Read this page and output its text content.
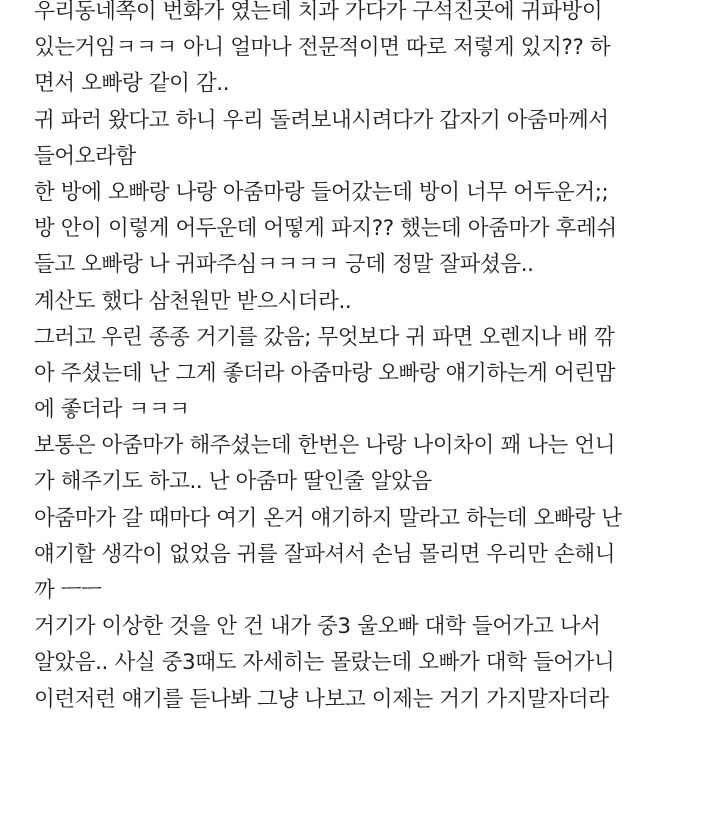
우리동네쪽이 번화가 였는데 치과 가다가 구석진곳에 귀파방이
있는거임ㅋㅋㅋ 아니 얼마나 전문적이면 따로 저렇게 있지?? 하
면서 오빠랑 같이 감..
귀 파러 왔다고 하니 우리 돌려보내시려다가 갑자기 아줌마께서
들어오라함
한 방에 오빠랑 나랑 아줌마랑 들어갔는데 방이 너무 어두운거;;
방 안이 이렇게 어두운데 어떻게 파지?? 했는데 아줌마가 후레쉬
들고 오빠랑 나 귀파주심ㅋㅋㅋㅋ 긍데 정말 잘파셨음..
계산도 했다 삼천원만 받으시더라..
그러고 우린 종종 거기를 갔음; 무엇보다 귀 파면 오렌지나 배 깎
아 주셨는데 난 그게 좋더라 아줌마랑 오빠랑 얘기하는게 어린맘
에 좋더라 ㅋㅋㅋ
보통은 아줌마가 해주셨는데 한번은 나랑 나이차이 꽤 나는 언니
가 해주기도 하고.. 난 아줌마 딸인줄 알았음
아줌마가 갈 때마다 여기 온거 얘기하지 말라고 하는데 오빠랑 난
얘기할 생각이 없었음 귀를 잘파셔서 손님 몰리면 우리만 손해니
까 ㅡㅡ
거기가 이상한 것을 안 건 내가 중3 울오빠 대학 들어가고 나서
알았음.. 사실 중3때도 자세히는 몰랐는데 오빠가 대학 들어가니
이런저런 얘기를 듣나봐 그냥 나보고 이제는 거기 가지말자더라
